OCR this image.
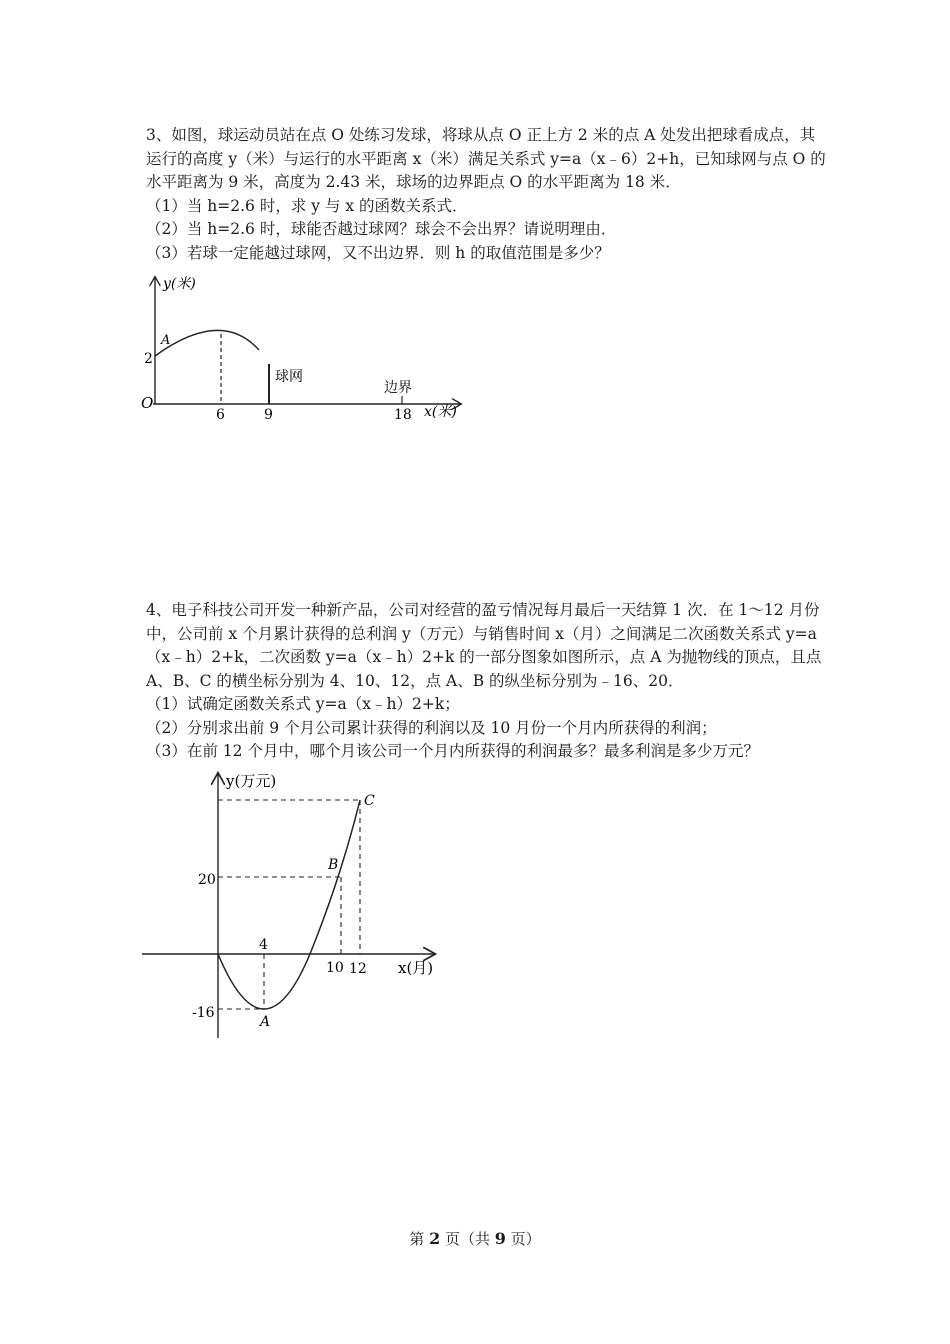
3、如图，球运动员站在点 O 处练习发球，将球从点 O 正上方 2 米的点 A 处发出把球看成点，其运行的高度 y（米）与运行的水平距离 x（米）满足关系式 y=a（x﹣6）2+h，已知球网与点 O 的水平距离为 9 米，高度为 2.43 米，球场的边界距点 O 的水平距离为 18 米．

（1）当 h=2.6 时，求 y 与 x 的函数关系式．

（2）当 h=2.6 时，球能否越过球网？球会不会出界？请说明理由．

（3）若球一定能越过球网，又不出边界．则 h 的取值范围是多少？

y(米)
A
2
O
6	9	18
球网
边界
x(米)

4、电子科技公司开发一种新产品，公司对经营的盈亏情况每月最后一天结算 1 次．在 1～12 月份中，公司前 x 个月累计获得的总利润 y（万元）与销售时间 x（月）之间满足二次函数关系式 y=a（x﹣h）2+k，二次函数 y=a（x﹣h）2+k 的一部分图象如图所示，点 A 为抛物线的顶点，且点 A、B、C 的横坐标分别为 4、10、12，点 A、B 的纵坐标分别为﹣16、20．

（1）试确定函数关系式 y=a（x﹣h）2+k；

（2）分别求出前 9 个月公司累计获得的利润以及 10 月份一个月内所获得的利润；

（3）在前 12 个月中，哪个月该公司一个月内所获得的利润最多？最多利润是多少万元？

y(万元)
C
B
20
4
10 12 x(月)
-16
A
第 2 页（共 9 页）
